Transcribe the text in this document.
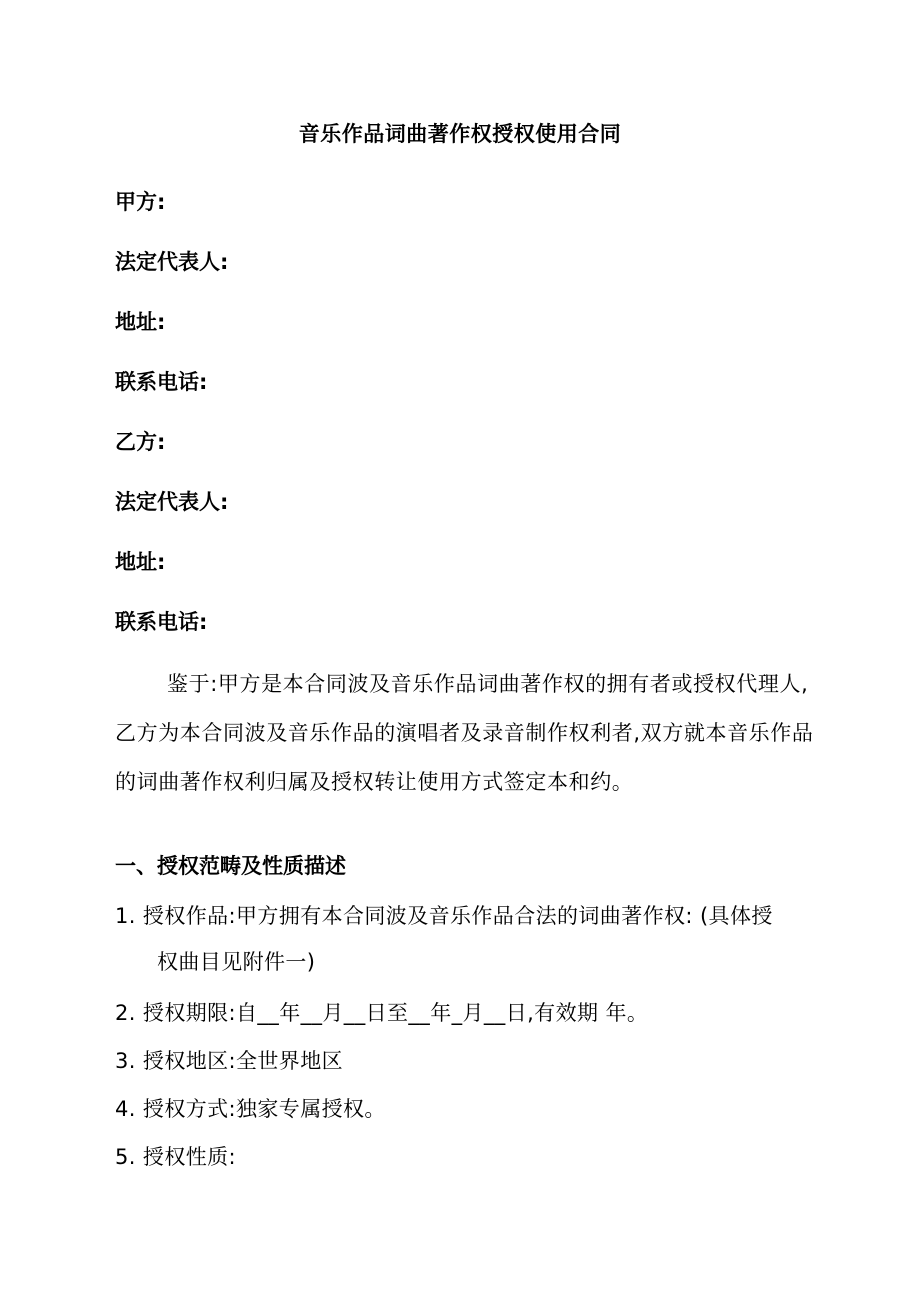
音乐作品词曲著作权授权使用合同
甲方:
法定代表人:
地址:
联系电话:
乙方:
法定代表人:
地址:
联系电话:
鉴于:甲方是本合同波及音乐作品词曲著作权的拥有者或授权代理人,乙方为本合同波及音乐作品的演唱者及录音制作权利者,双方就本音乐作品的词曲著作权利归属及授权转让使用方式签定本和约。
一、授权范畴及性质描述
1. 授权作品:甲方拥有本合同波及音乐作品合法的词曲著作权: (具体授
权曲目见附件一)
2. 授权期限:自__年__月__日至__年_月__日,有效期 年。
3. 授权地区:全世界地区
4. 授权方式:独家专属授权。
5. 授权性质:
